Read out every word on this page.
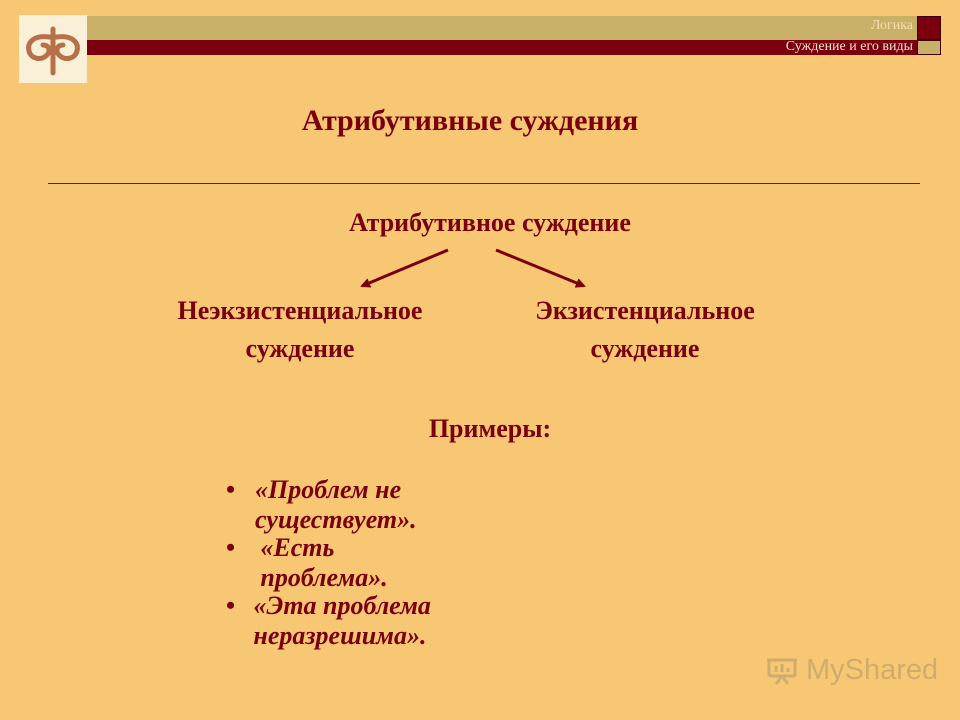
Логика
Суждение и его виды
Атрибутивные суждения
Атрибутивное суждение
Неэкзистенциальное
суждение
Экзистенциальное
суждение
Примеры:
• «Проблем не существует».
• «Есть проблема».
• «Эта проблема неразрешима».
MyShared
